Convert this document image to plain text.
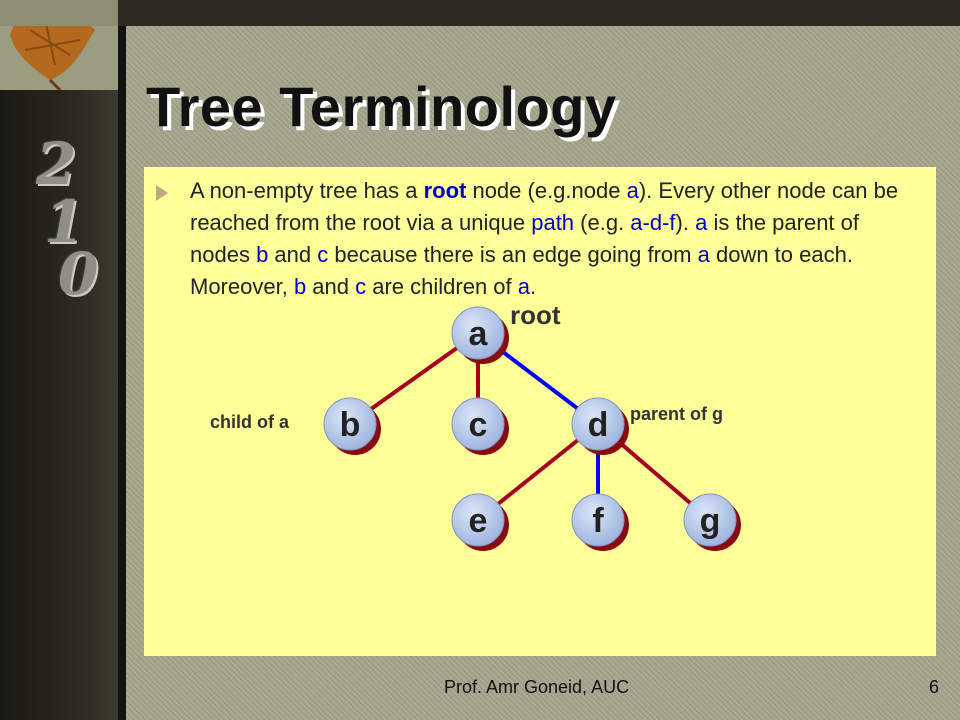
2
1
0
Tree Terminology
A non-empty tree has a root node (e.g.node a). Every other node can be reached from the root via a unique path (e.g. a-d-f). a is the parent of nodes b and c because there is an edge going from a down to each. Moreover, b and c are children of a.
a
b	c	d
e	f	g
root
child of a	parent of g
Prof. Amr Goneid, AUC	6
